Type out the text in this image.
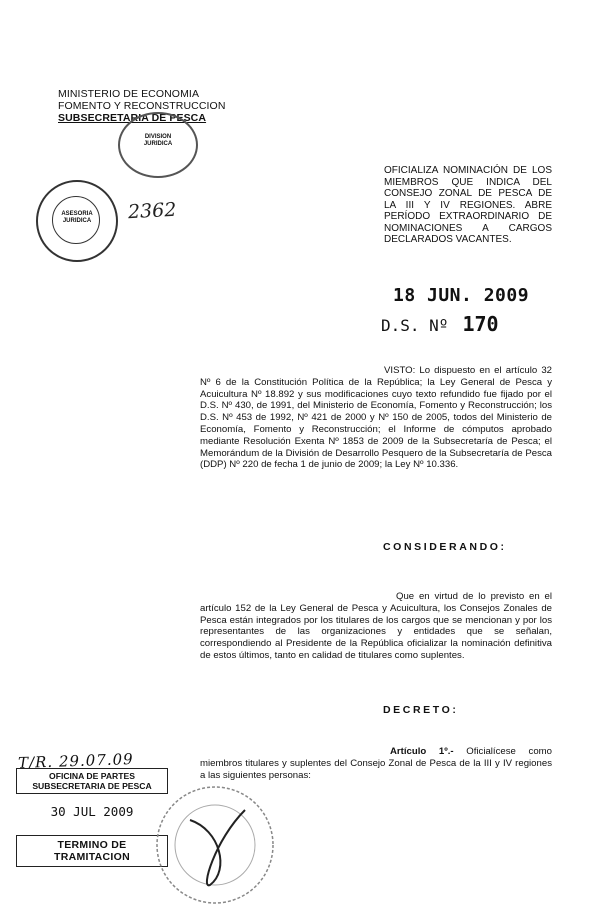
MINISTERIO DE ECONOMIA
FOMENTO Y RECONSTRUCCION
SUBSECRETARIA DE PESCA
DIVISION
JURIDICA
ASESORIA
JURIDICA	2362
OFICIALIZA NOMINACIÓN DE LOS MIEMBROS QUE INDICA DEL CONSEJO ZONAL DE PESCA DE LA III Y IV REGIONES. ABRE PERÍODO EXTRAORDINARIO DE NOMINACIONES A CARGOS DECLARADOS VACANTES.
18 JUN. 2009
D.S. Nº 170
VISTO: Lo dispuesto en el artículo 32 Nº 6 de la Constitución Política de la República; la Ley General de Pesca y Acuicultura Nº 18.892 y sus modificaciones cuyo texto refundido fue fijado por el D.S. Nº 430, de 1991, del Ministerio de Economía, Fomento y Reconstrucción; los D.S. Nº 453 de 1992, Nº 421 de 2000 y Nº 150 de 2005, todos del Ministerio de Economía, Fomento y Reconstrucción; el Informe de cómputos aprobado mediante Resolución Exenta Nº 1853 de 2009 de la Subsecretaría de Pesca; el Memorándum de la División de Desarrollo Pesquero de la Subsecretaría de Pesca (DDP) Nº 220 de fecha 1 de junio de 2009; la Ley Nº 10.336.
CONSIDERANDO:
Que en virtud de lo previsto en el artículo 152 de la Ley General de Pesca y Acuicultura, los Consejos Zonales de Pesca están integrados por los titulares de los cargos que se mencionan y por los representantes de las organizaciones y entidades que se señalan, correspondiendo al Presidente de la República oficializar la nominación definitiva de estos últimos, tanto en calidad de titulares como suplentes.
DECRETO:
Artículo 1º.- Oficialícese como miembros titulares y suplentes del Consejo Zonal de Pesca de la III y IV regiones a las siguientes personas:
T/R. 29.07.09
OFICINA DE PARTES
SUBSECRETARIA DE PESCA
30 JUL 2009
TERMINO DE TRAMITACION
